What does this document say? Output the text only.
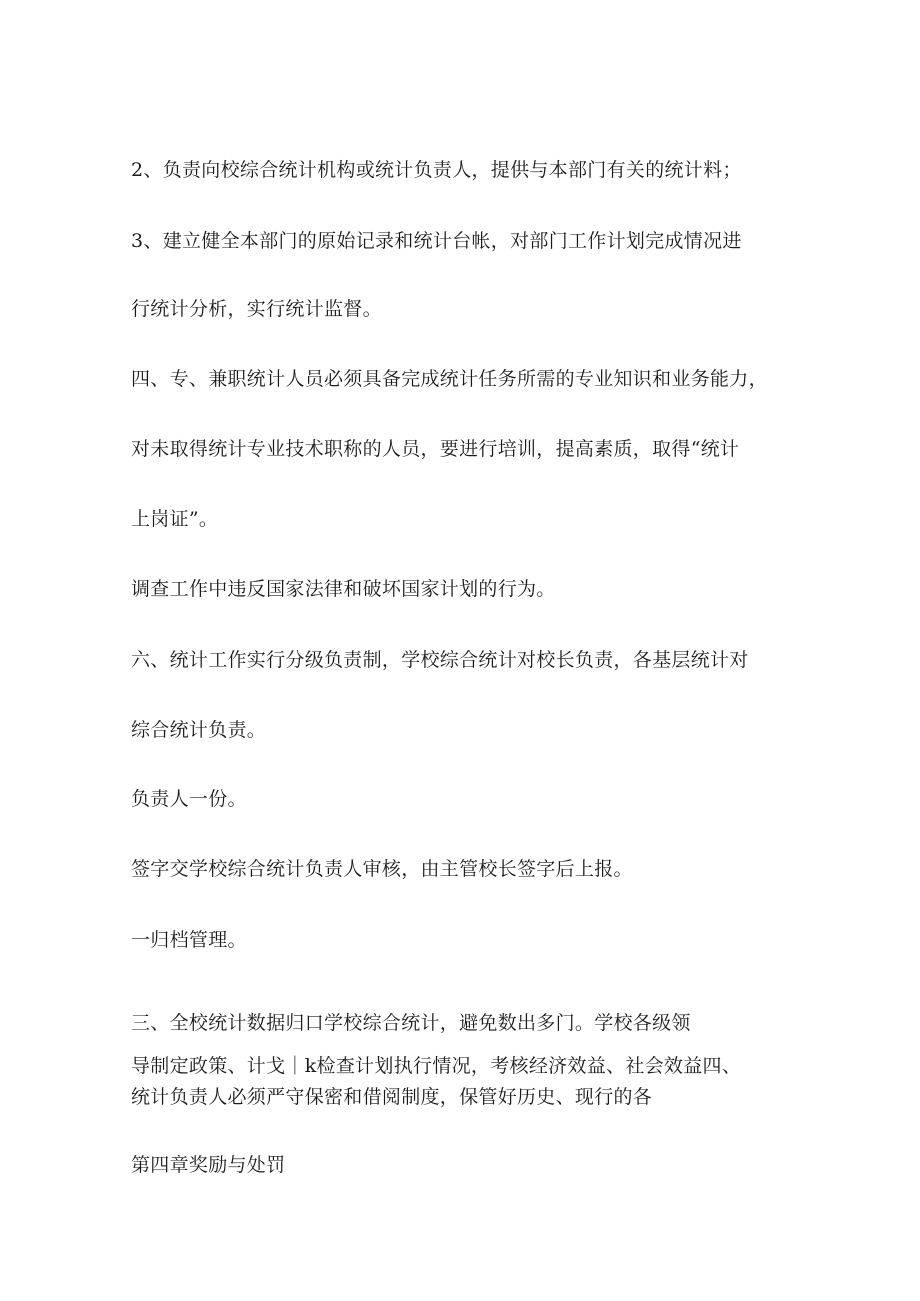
2、负责向校综合统计机构或统计负责人，提供与本部门有关的统计料；
3、建立健全本部门的原始记录和统计台帐，对部门工作计划完成情况进
行统计分析，实行统计监督。
四、专、兼职统计人员必须具备完成统计任务所需的专业知识和业务能力，
对未取得统计专业技术职称的人员，要进行培训，提高素质，取得“统计
上岗证”。
调查工作中违反国家法律和破坏国家计划的行为。
六、统计工作实行分级负责制，学校综合统计对校长负责，各基层统计对
综合统计负责。
负责人一份。
签字交学校综合统计负责人审核，由主管校长签字后上报。
一归档管理。
三、全校统计数据归口学校综合统计，避免数出多门。学校各级领
导制定政策、计戈｜k检查计划执行情况，考核经济效益、社会效益四、
统计负责人必须严守保密和借阅制度，保管好历史、现行的各
第四章奖励与处罚
